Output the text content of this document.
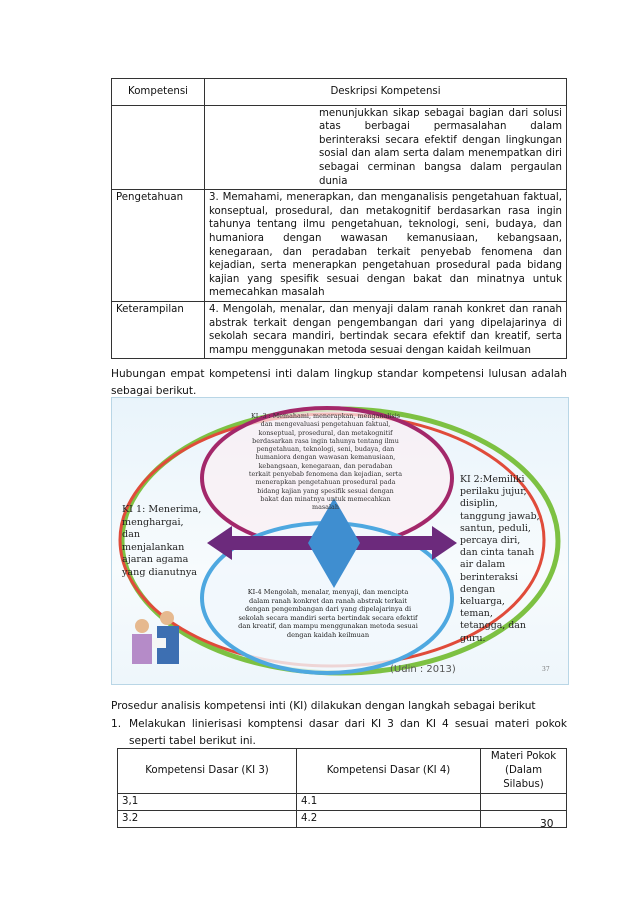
Kompetensi	Deskripsi Kompetensi
	menunjukkan sikap sebagai bagian dari solusi atas berbagai permasalahan dalam berinteraksi secara efektif dengan lingkungan sosial dan alam serta dalam menempatkan diri sebagai cerminan bangsa dalam pergaulan dunia
Pengetahuan	3. Memahami, menerapkan, dan menganalisis pengetahuan faktual, konseptual, prosedural, dan metakognitif berdasarkan rasa ingin tahunya tentang ilmu pengetahuan, teknologi, seni, budaya, dan humaniora dengan wawasan kemanusiaan, kebangsaan, kenegaraan, dan peradaban terkait penyebab fenomena dan kejadian, serta menerapkan pengetahuan prosedural pada bidang kajian yang spesifik sesuai dengan bakat dan minatnya untuk memecahkan masalah
Keterampilan	4. Mengolah, menalar, dan menyaji dalam ranah konkret dan ranah abstrak terkait dengan pengembangan dari yang dipelajarinya di sekolah secara mandiri, bertindak secara efektif dan kreatif, serta mampu menggunakan metoda sesuai dengan kaidah keilmuan
Hubungan empat kompetensi inti dalam lingkup standar kompetensi lulusan adalah sebagai berikut.
KI -3 : Memahami, menerapkan, menganalisis dan mengevaluasi pengetahuan faktual, konseptual, prosedural, dan metakognitif berdasarkan rasa ingin tahunya tentang ilmu pengetahuan, teknologi, seni, budaya, dan humaniora dengan wawasan kemanusiaan, kebangsaan, kenegaraan, dan peradaban terkait penyebab fenomena dan kejadian, serta menerapkan pengetahuan prosedural pada bidang kajian yang spesifik sesuai dengan bakat dan minatnya untuk memecahkan masalah
KI 1: Menerima, menghargai, dan menjalankan ajaran agama yang dianutnya
KI 2:Memiliki perilaku jujur, disiplin, tanggung jawab, santun, peduli, percaya diri, dan cinta tanah air dalam berinteraksi dengan keluarga, teman, tetangga, dan guru.
KI-4 Mengolah, menalar, menyaji, dan mencipta dalam ranah konkret dan ranah abstrak terkait dengan pengembangan dari yang dipelajarinya di sekolah secara mandiri serta bertindak secara efektif dan kreatif, dan mampu menggunakan metoda sesuai dengan kaidah keilmuan
(Udin : 2013)	37
Prosedur analisis kompetensi inti (KI) dilakukan dengan langkah sebagai berikut
1. Melakukan linierisasi komptensi dasar dari KI 3 dan KI 4 sesuai materi pokok seperti tabel berikut ini.
Kompetensi Dasar (KI 3)	Kompetensi Dasar (KI 4)	Materi Pokok (Dalam Silabus)
3,1	4.1	
3.2	4.2		30
